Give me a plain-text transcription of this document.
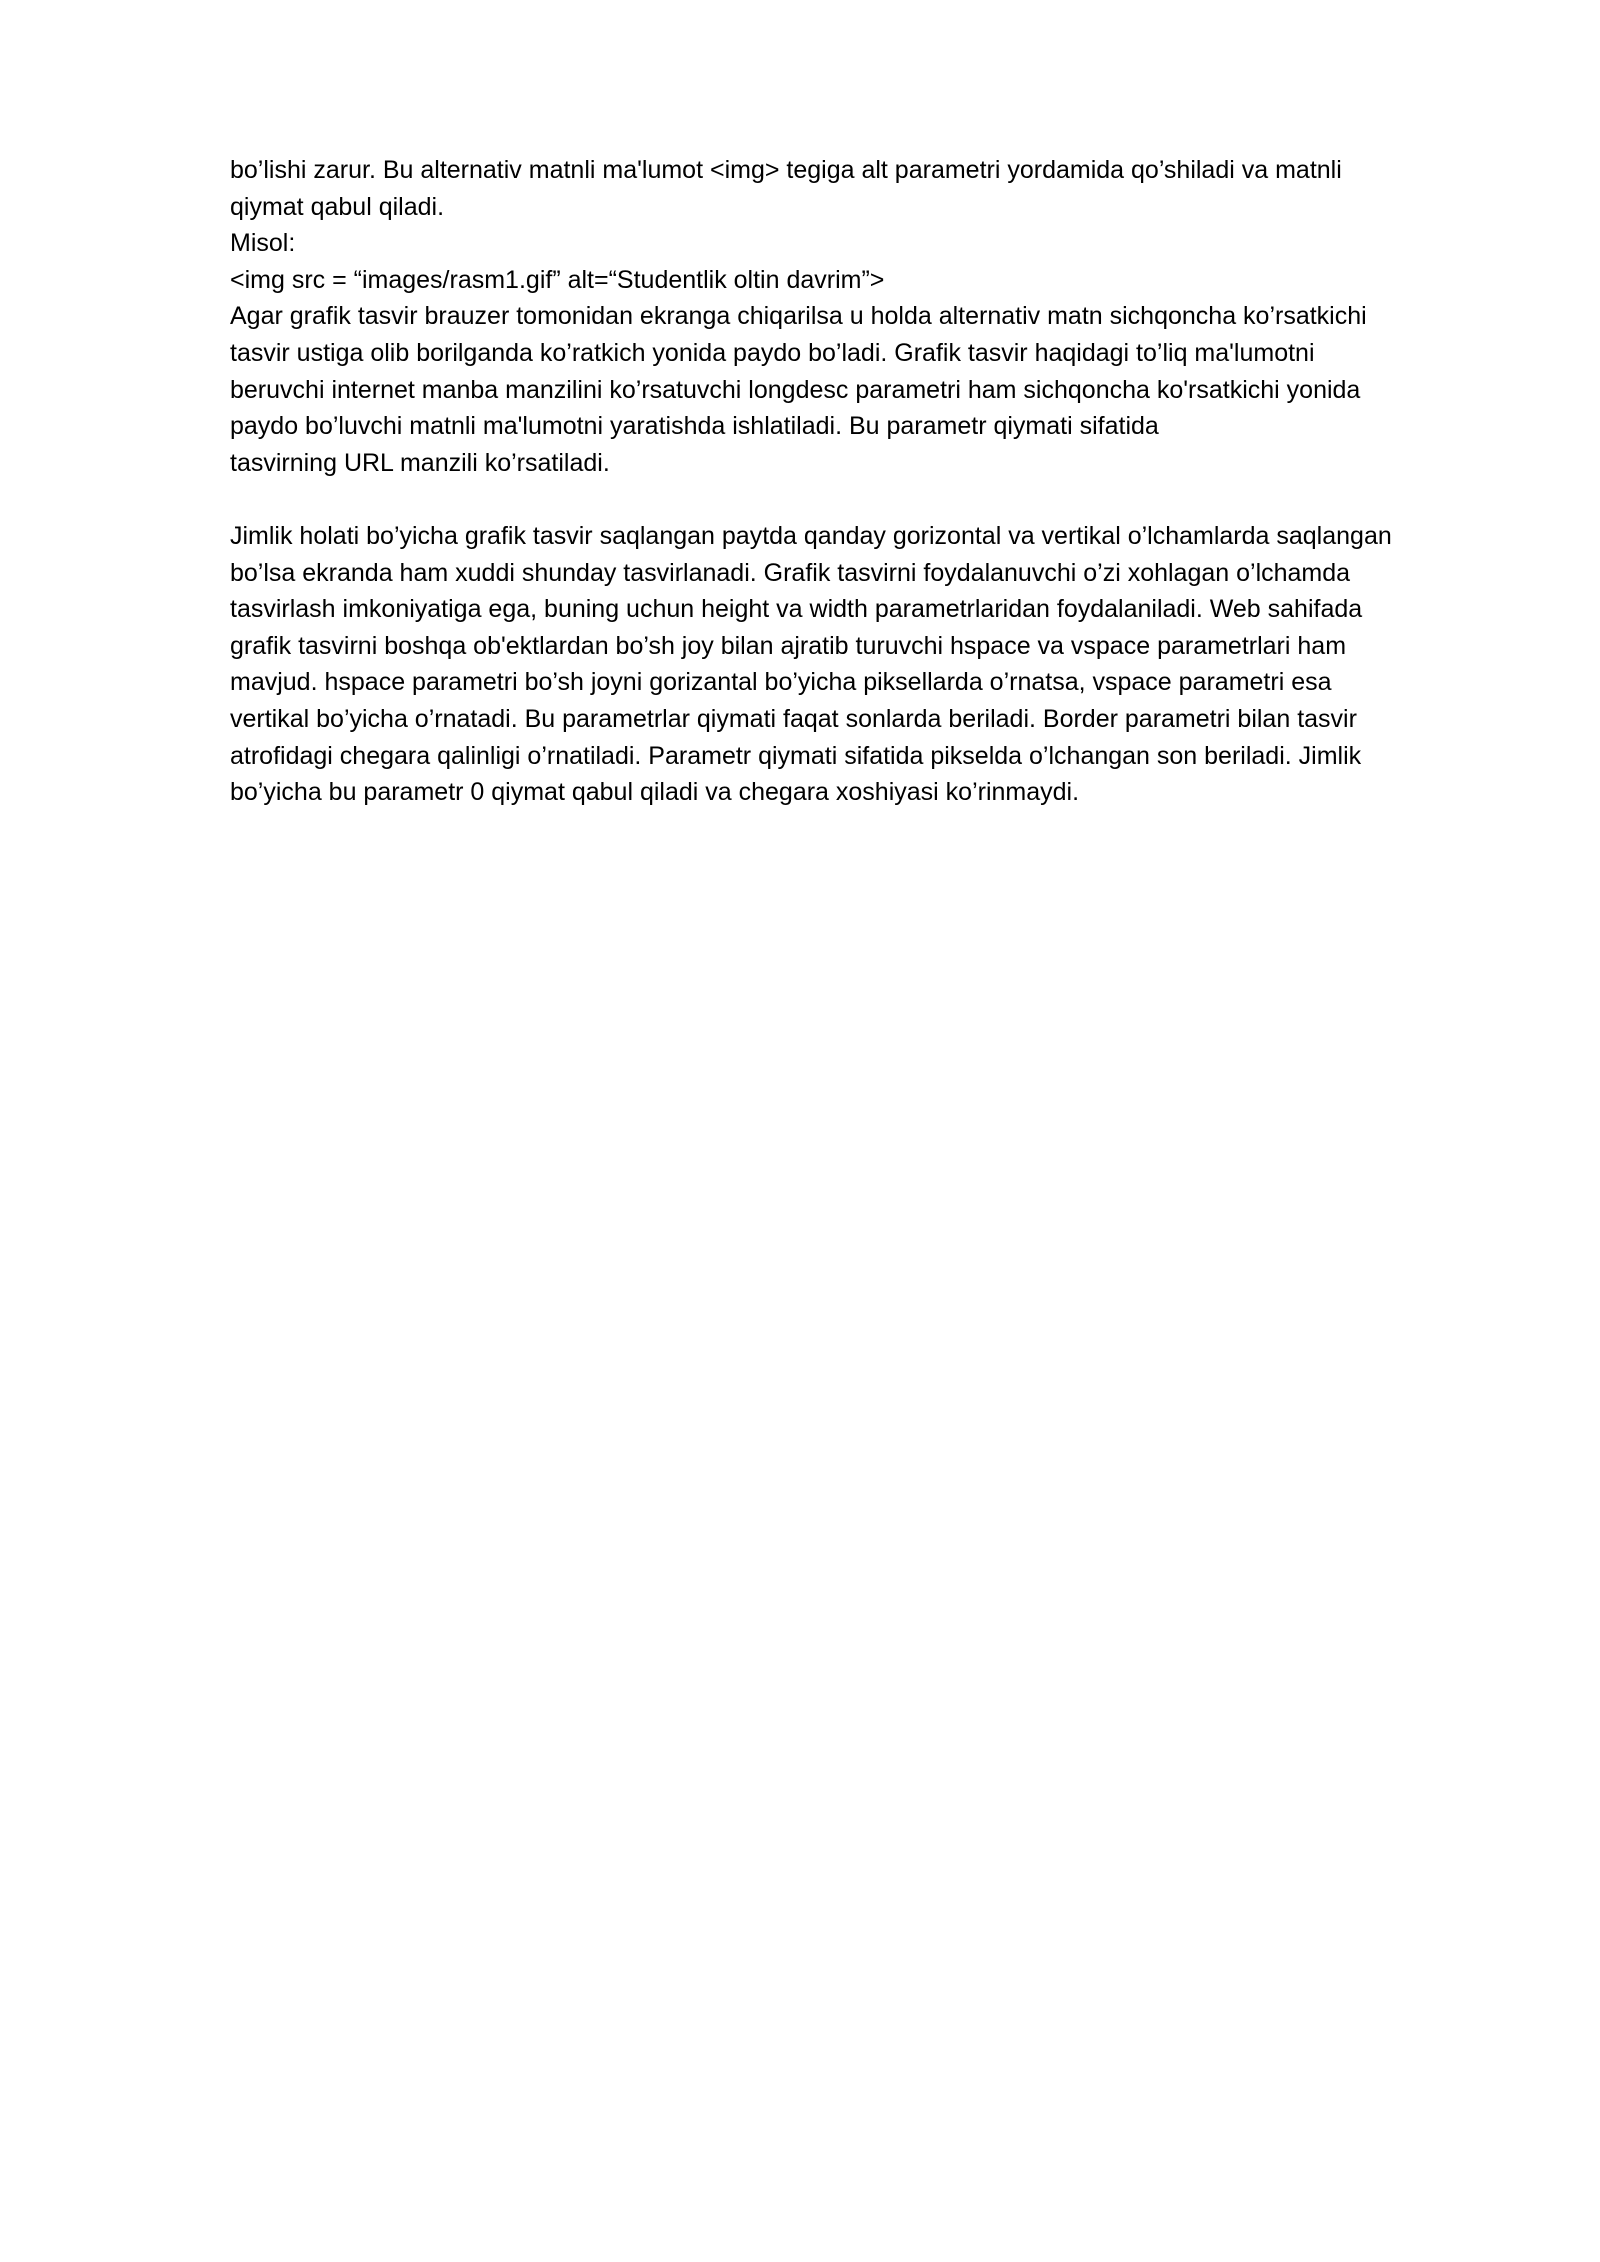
bo’lishi zarur. Bu alternativ matnli ma'lumot <img> tegiga alt parametri yordamida qo’shiladi va matnli
qiymat qabul qiladi.
Misol:
<img src = “images/rasm1.gif” alt=“Studentlik oltin davrim”>
Agar grafik tasvir brauzer tomonidan ekranga chiqarilsa u holda alternativ matn sichqoncha ko’rsatkichi
tasvir ustiga olib borilganda ko’ratkich yonida paydo bo’ladi. Grafik tasvir haqidagi to’liq ma'lumotni
beruvchi internet manba manzilini ko’rsatuvchi longdesc parametri ham sichqoncha ko'rsatkichi yonida
paydo bo’luvchi matnli ma'lumotni yaratishda ishlatiladi. Bu parametr qiymati sifatida
tasvirning URL manzili ko’rsatiladi.
Jimlik holati bo’yicha grafik tasvir saqlangan paytda qanday gorizontal va vertikal o’lchamlarda saqlangan
bo’lsa ekranda ham xuddi shunday tasvirlanadi. Grafik tasvirni foydalanuvchi o’zi xohlagan o’lchamda
tasvirlash imkoniyatiga ega, buning uchun height va width parametrlaridan foydalaniladi. Web sahifada
grafik tasvirni boshqa ob'ektlardan bo’sh joy bilan ajratib turuvchi hspace va vspace parametrlari ham
mavjud. hspace parametri bo’sh joyni gorizantal bo’yicha piksellarda o’rnatsa, vspace parametri esa
vertikal bo’yicha o’rnatadi. Bu parametrlar qiymati faqat sonlarda beriladi. Border parametri bilan tasvir
atrofidagi chegara qalinligi o’rnatiladi. Parametr qiymati sifatida pikselda o’lchangan son beriladi. Jimlik
bo’yicha bu parametr 0 qiymat qabul qiladi va chegara xoshiyasi ko’rinmaydi.
